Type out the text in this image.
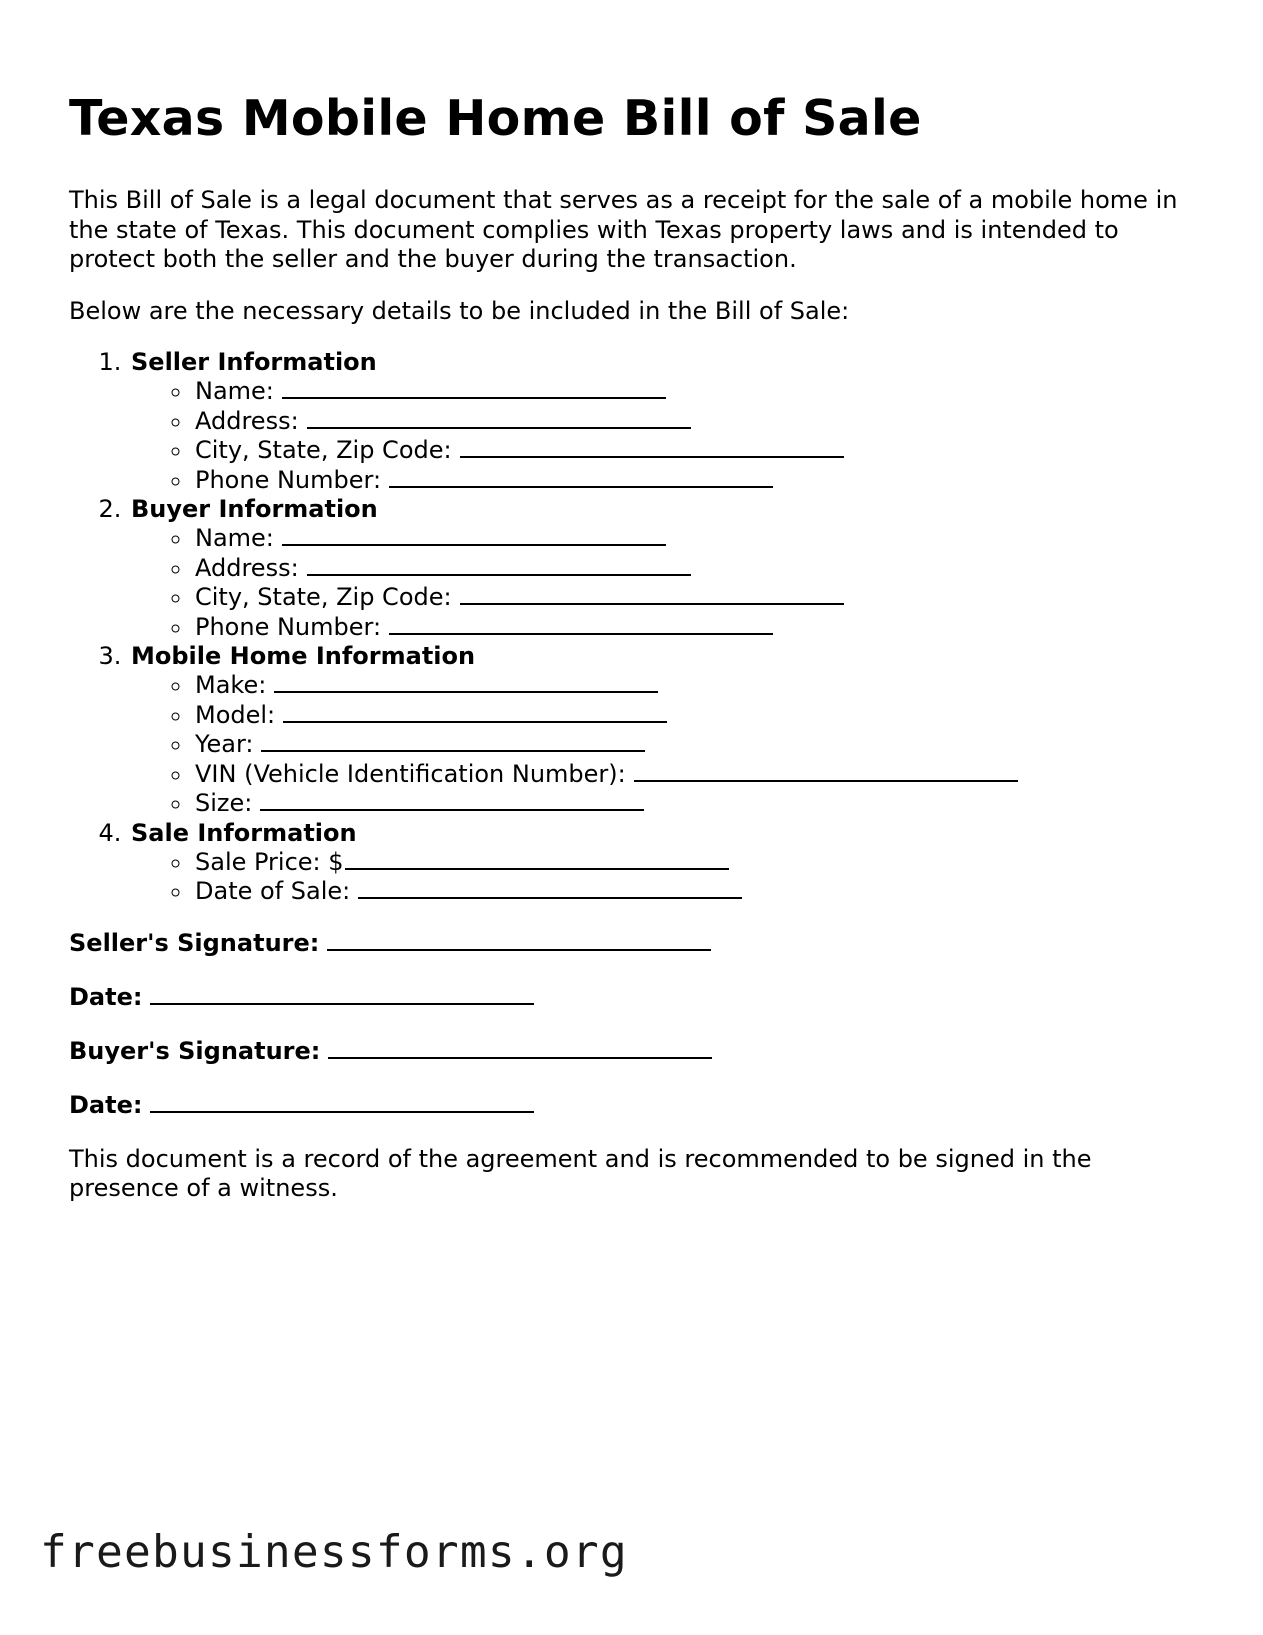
Texas Mobile Home Bill of Sale

This Bill of Sale is a legal document that serves as a receipt for the sale of a mobile home in the state of Texas. This document complies with Texas property laws and is intended to protect both the seller and the buyer during the transaction.

Below are the necessary details to be included in the Bill of Sale:

1. Seller Information
◦ Name:
◦ Address:
◦ City, State, Zip Code:
◦ Phone Number:
2. Buyer Information
◦ Name:
◦ Address:
◦ City, State, Zip Code:
◦ Phone Number:
3. Mobile Home Information
◦ Make:
◦ Model:
◦ Year:
◦ VIN (Vehicle Identification Number):
◦ Size:
4. Sale Information
◦ Sale Price: $
◦ Date of Sale:
Seller's Signature:
Date:
Buyer's Signature:
Date:

This document is a record of the agreement and is recommended to be signed in the presence of a witness.

freebusinessforms.org
